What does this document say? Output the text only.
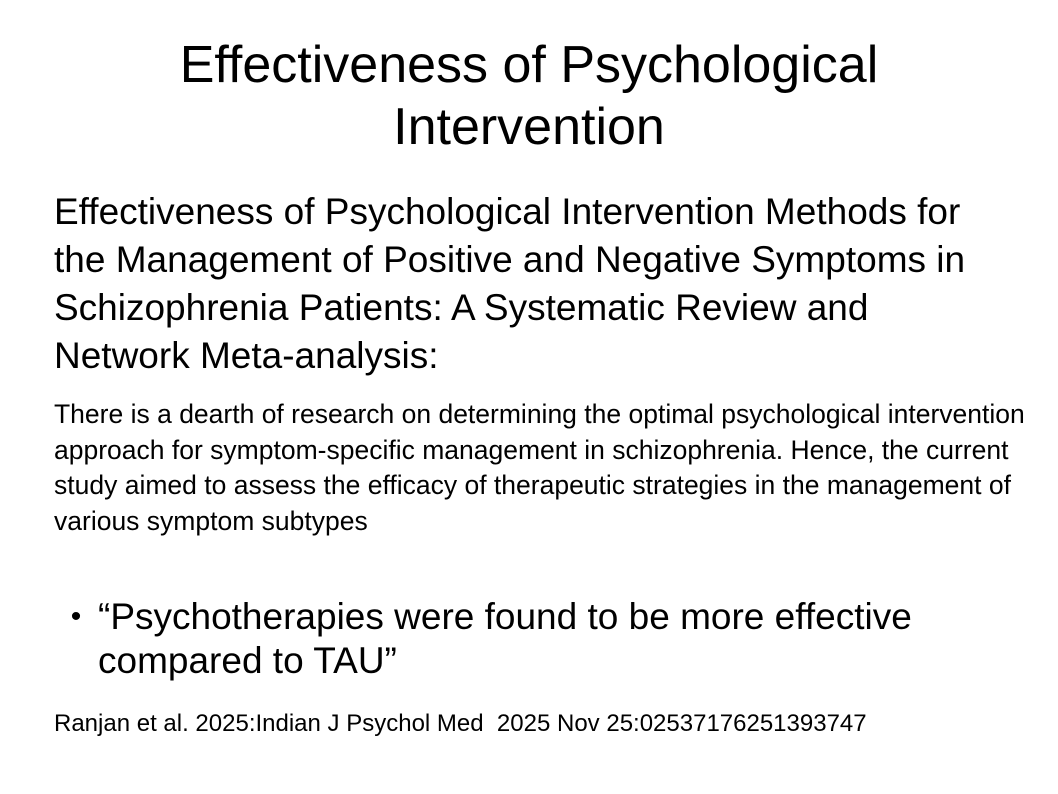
Effectiveness of Psychological Intervention
Effectiveness of Psychological Intervention Methods for the Management of Positive and Negative Symptoms in Schizophrenia Patients: A Systematic Review and Network Meta-analysis:

There is a dearth of research on determining the optimal psychological intervention approach for symptom-specific management in schizophrenia. Hence, the current study aimed to assess the efficacy of therapeutic strategies in the management of various symptom subtypes

• “Psychotherapies were found to be more effective compared to TAU”

Ranjan et al. 2025:Indian J Psychol Med  2025 Nov 25:02537176251393747
